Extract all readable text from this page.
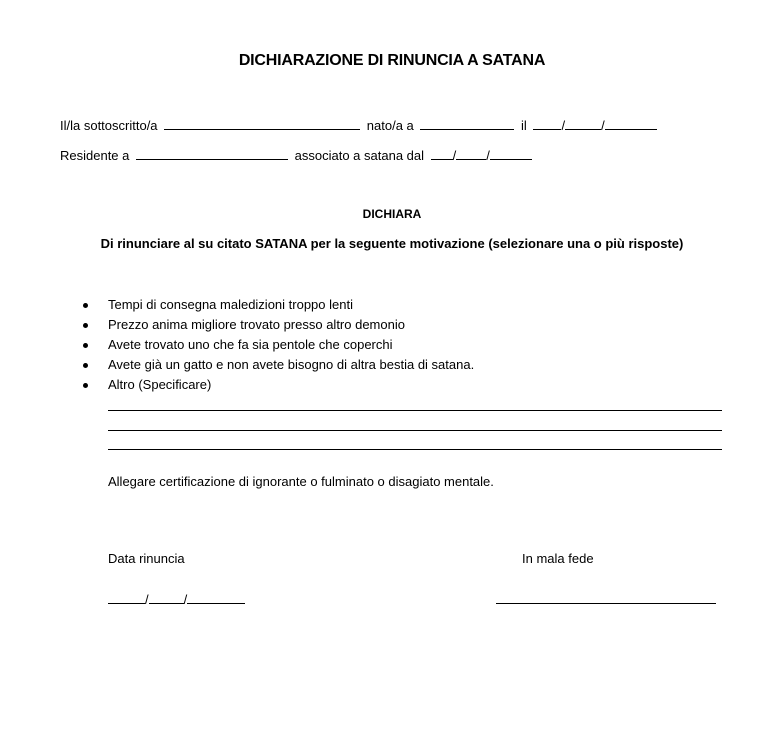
DICHIARAZIONE DI RINUNCIA A SATANA
Il/la sottoscritto/a	nato/a a	il	/	/
Residente a	associato a satana dal / /
DICHIARA
Di rinunciare al su citato SATANA per la seguente motivazione (selezionare una o più risposte)
Tempi di consegna maledizioni troppo lenti
Prezzo anima migliore trovato presso altro demonio
Avete trovato uno che fa sia pentole che coperchi
Avete già un gatto e non avete bisogno di altra bestia di satana.
Altro (Specificare)
Allegare certificazione di ignorante o fulminato o disagiato mentale.
Data rinuncia	In mala fede
/	/
